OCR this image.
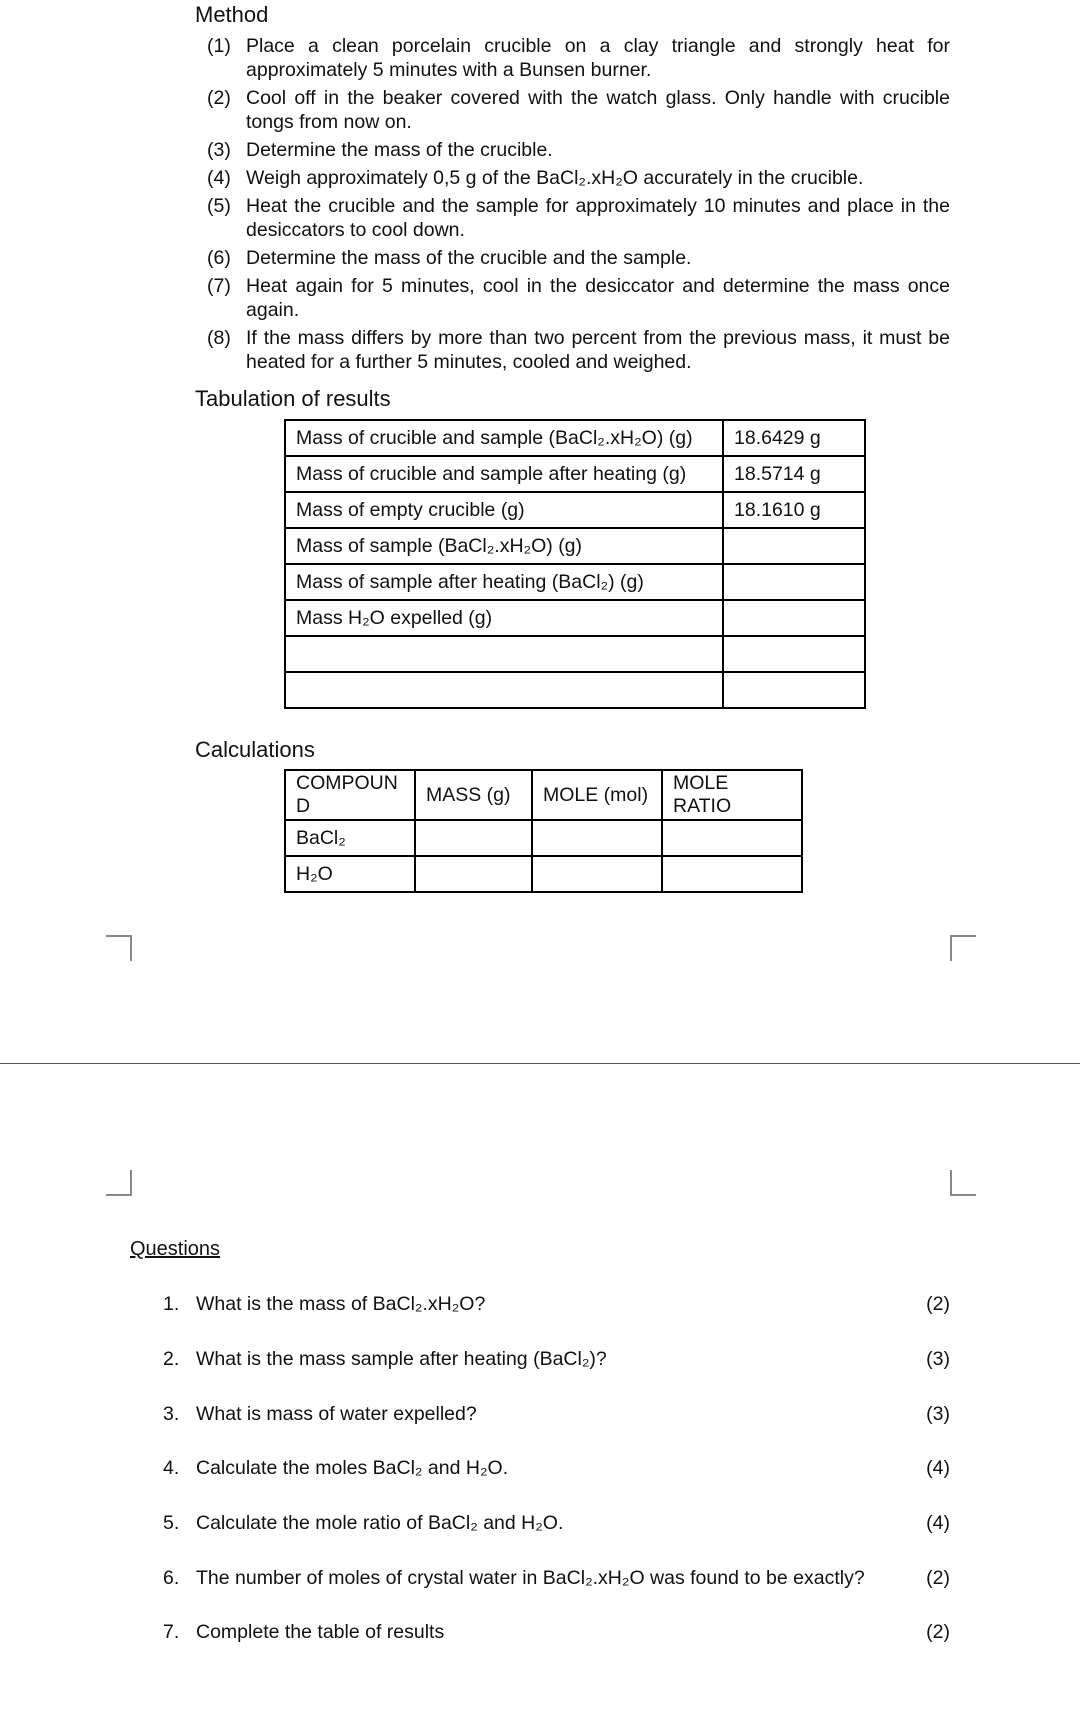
Method
(1) Place a clean porcelain crucible on a clay triangle and strongly heat for approximately 5 minutes with a Bunsen burner.
(2) Cool off in the beaker covered with the watch glass. Only handle with crucible tongs from now on.
(3) Determine the mass of the crucible.
(4) Weigh approximately 0,5 g of the BaCl₂.xH₂O accurately in the crucible.
(5) Heat the crucible and the sample for approximately 10 minutes and place in the desiccators to cool down.
(6) Determine the mass of the crucible and the sample.
(7) Heat again for 5 minutes, cool in the desiccator and determine the mass once again.
(8) If the mass differs by more than two percent from the previous mass, it must be heated for a further 5 minutes, cooled and weighed.
Tabulation of results
Mass of crucible and sample (BaCl₂.xH₂O) (g)	18.6429 g
Mass of crucible and sample after heating (g)	18.5714 g
Mass of empty crucible (g)	18.1610 g
Mass of sample (BaCl₂.xH₂O) (g)	
Mass of sample after heating (BaCl₂) (g)	
Mass H₂O expelled (g)	

Calculations
COMPOUN D	MASS (g)	MOLE (mol)	MOLE RATIO
BaCl₂			
H₂O			
Questions
1. What is the mass of BaCl₂.xH₂O?	(2)
2. What is the mass sample after heating (BaCl₂)?	(3)
3. What is mass of water expelled?	(3)
4. Calculate the moles BaCl₂ and H₂O.	(4)
5. Calculate the mole ratio of BaCl₂ and H₂O.	(4)
6. The number of moles of crystal water in BaCl₂.xH₂O was found to be exactly?	(2)
7. Complete the table of results	(2)
